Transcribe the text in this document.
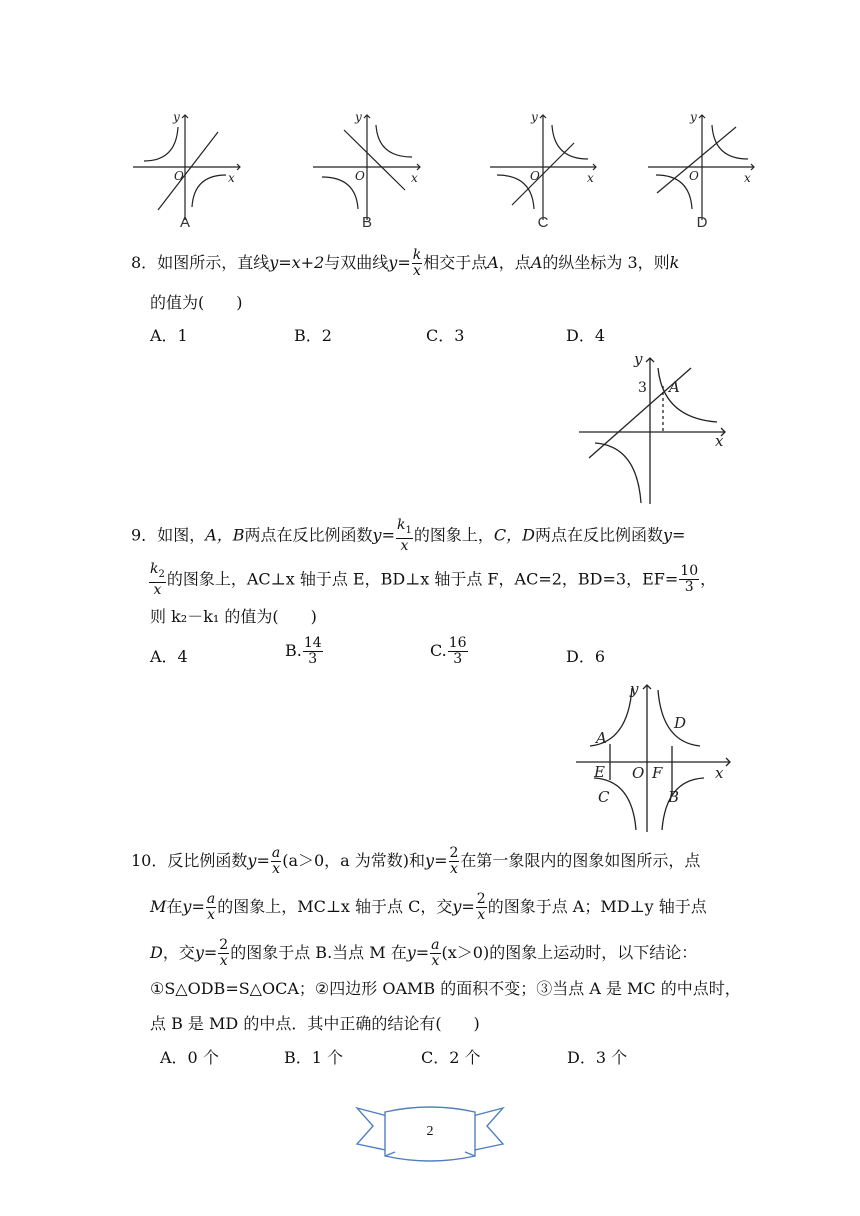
y
x
O
y
x
O
y
x
O
y
x
O
A	B	C	D
8．如图所示，直线y=x+2与双曲线$y= \frac{k}{x}$ 相交于点A，点A的纵坐标为 3，则k
的值为(　　)
A．1	B．2	C．3	D．4
y
x
3 A
9．如图，A，B两点在反比例函数$y= \frac{k_1}{x}$ 的图象上，C，D两点在反比例函数y=
$\frac{k_2}{x}$ 的图象上，AC⊥x 轴于点 E，BD⊥x 轴于点 F，AC=2，BD=3，$EF= \frac{10}{3}$ ，
则 k₂－k₁ 的值为(　　)
A．4	B. $\frac{14}{3}$	C. $\frac{16}{3}$	D．6
y
x
O
A
E
C
D
F
B
10．反比例函数$y= \frac{a}{x} (a>0$，a 为常数)和$y= \frac{2}{x}$ 在第一象限内的图象如图所示，点
M在$y= \frac{a}{x}$ 的图象上，MC⊥x 轴于点 C，交$y= \frac{2}{x}$ 的图象于点 A；MD⊥y 轴于点
D，交$y= \frac{2}{x}$ 的图象于点 B.当点 M 在$y= \frac{a}{x} (x>0)$的图象上运动时，以下结论：
①S△ODB=S△OCA；②四边形 OAMB 的面积不变；③当点 A 是 MC 的中点时，
点 B 是 MD 的中点．其中正确的结论有(　　)
A．0 个	B．1 个	C．2 个	D．3 个
2
